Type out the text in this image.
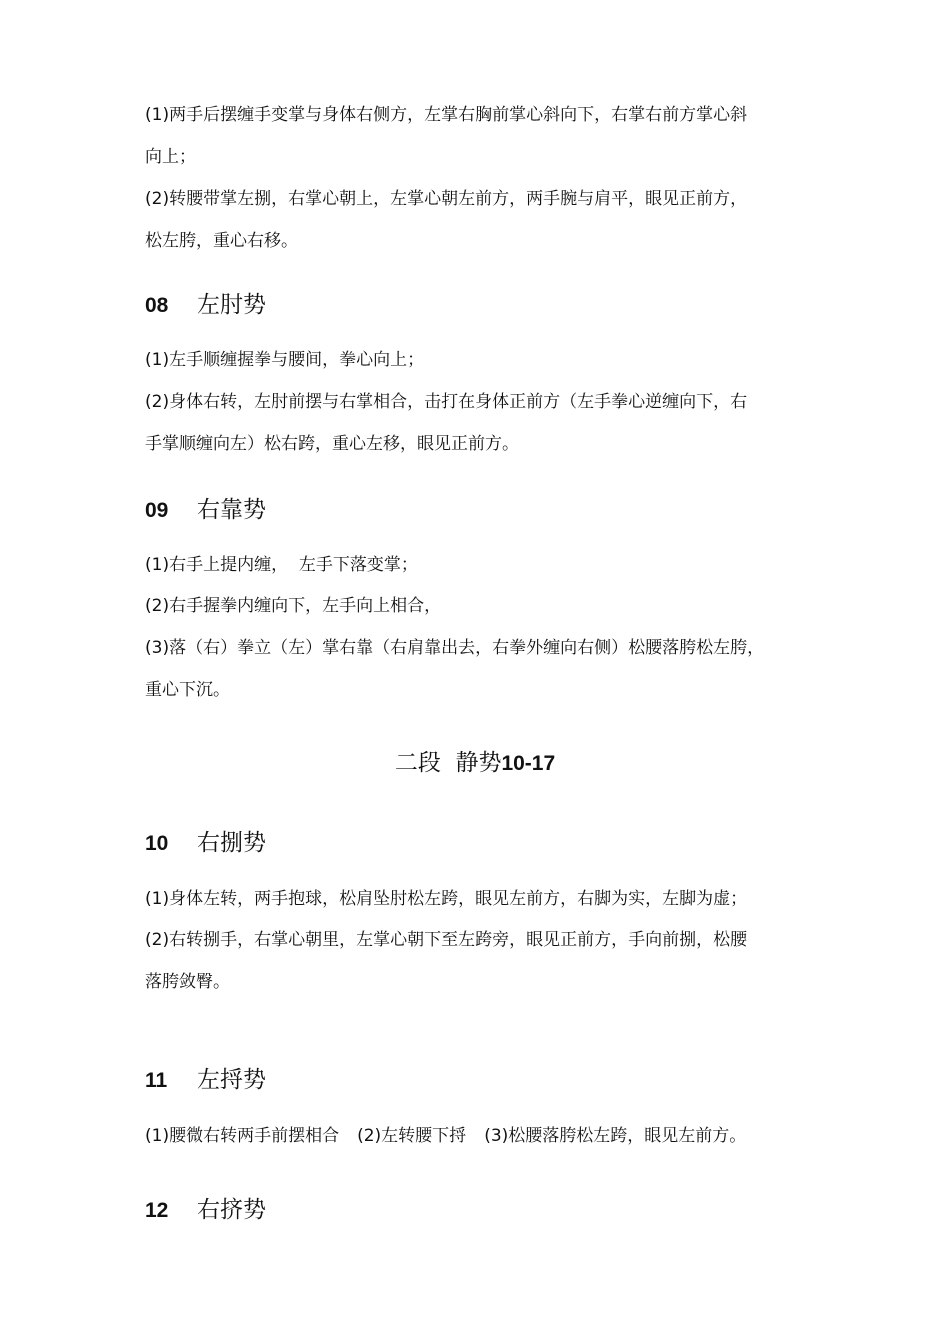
(1)两手后摆缠手变掌与身体右侧方，左掌右胸前掌心斜向下，右掌右前方掌心斜
向上；
(2)转腰带掌左捌，右掌心朝上，左掌心朝左前方，两手腕与肩平，眼见正前方，
松左胯，重心右移。
08 左肘势
(1)左手顺缠握拳与腰间，拳心向上；
(2)身体右转，左肘前摆与右掌相合，击打在身体正前方（左手拳心逆缠向下，右
手掌顺缠向左）松右跨，重心左移，眼见正前方。
09 右靠势
(1)右手上提内缠，  左手下落变掌；
(2)右手握拳内缠向下，左手向上相合，
(3)落（右）拳立（左）掌右靠（右肩靠出去，右拳外缠向右侧）松腰落胯松左胯，
重心下沉。
二段  静势10-17
10 右捌势
(1)身体左转，两手抱球，松肩坠肘松左跨，眼见左前方，右脚为实，左脚为虚；
(2)右转捌手，右掌心朝里，左掌心朝下至左跨旁，眼见正前方，手向前捌，松腰
落胯敛臀。
11 左捋势
(1)腰微右转两手前摆相合 (2)左转腰下捋 (3)松腰落胯松左跨，眼见左前方。
12 右挤势
